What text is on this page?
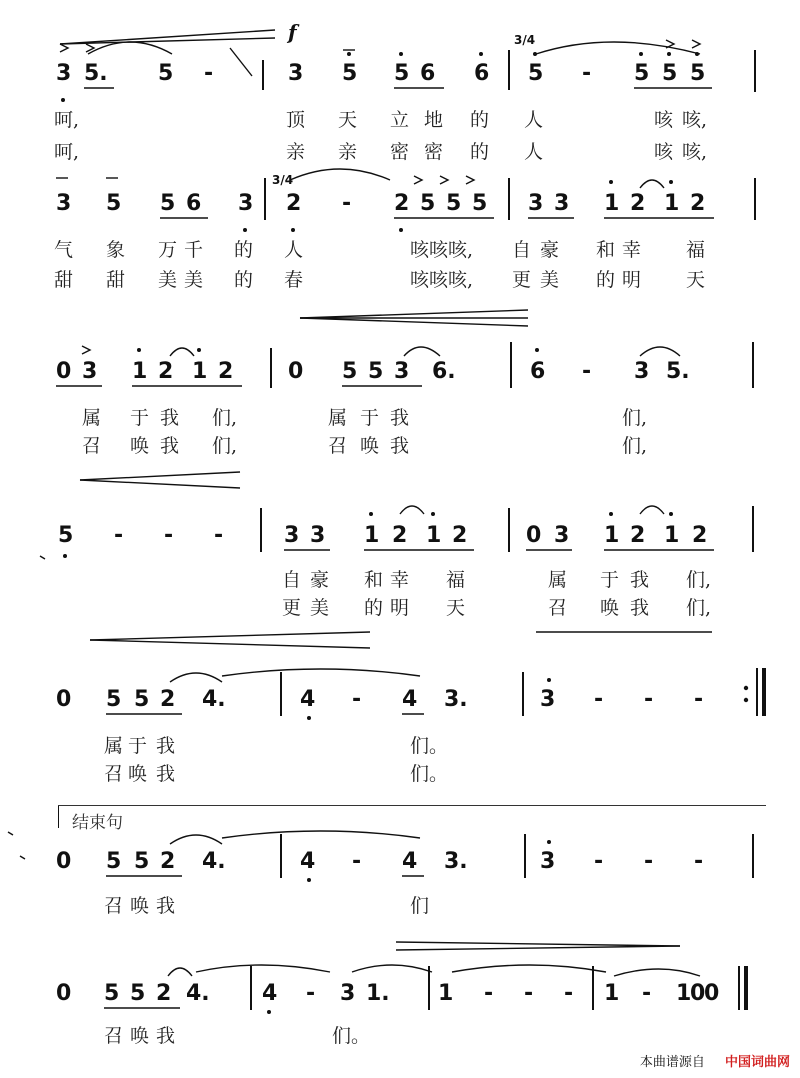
f	3/4
3/4
3 5. 5 -	3 5 5 6 6 5 - 5 5 5
呵,	顶 天 立 地 的 人	咳 咳,
呵,	亲 亲 密 密 的 人	咳 咳,
3 5 5 6 3 2 - 2 5 5 5 3 3 1 2 1 2
气 象 万 千 的 人	咳咳咳, 自 豪 和 幸 福
甜 甜 美 美 的 春	咳咳咳, 更 美 的 明 天
0 3 1 2 1 2 0 5 5 3 6.	6 - 3 5.
属 于 我 们,	属 于 我	们,
召 唤 我 们,	召 唤 我	们,
5 - - -	3 3 1 2 1 2	0 3 1 2 1 2
自 豪 和 幸 福	属 于 我 们,
更 美 的 明 天	召 唤 我 们,
0 5 5 2 4.	4 - 4 3.	3 - - -
属 于 我	们。
召 唤 我	们。
结束句
0 5 5 2 4.	4 - 4 3.	3 - - -
召 唤 我	们
0 5 5 2 4. 4 - 3 1. 1 - - - 1 - 1
0
0
召 唤 我	们。
本曲谱源自 中国词曲网
